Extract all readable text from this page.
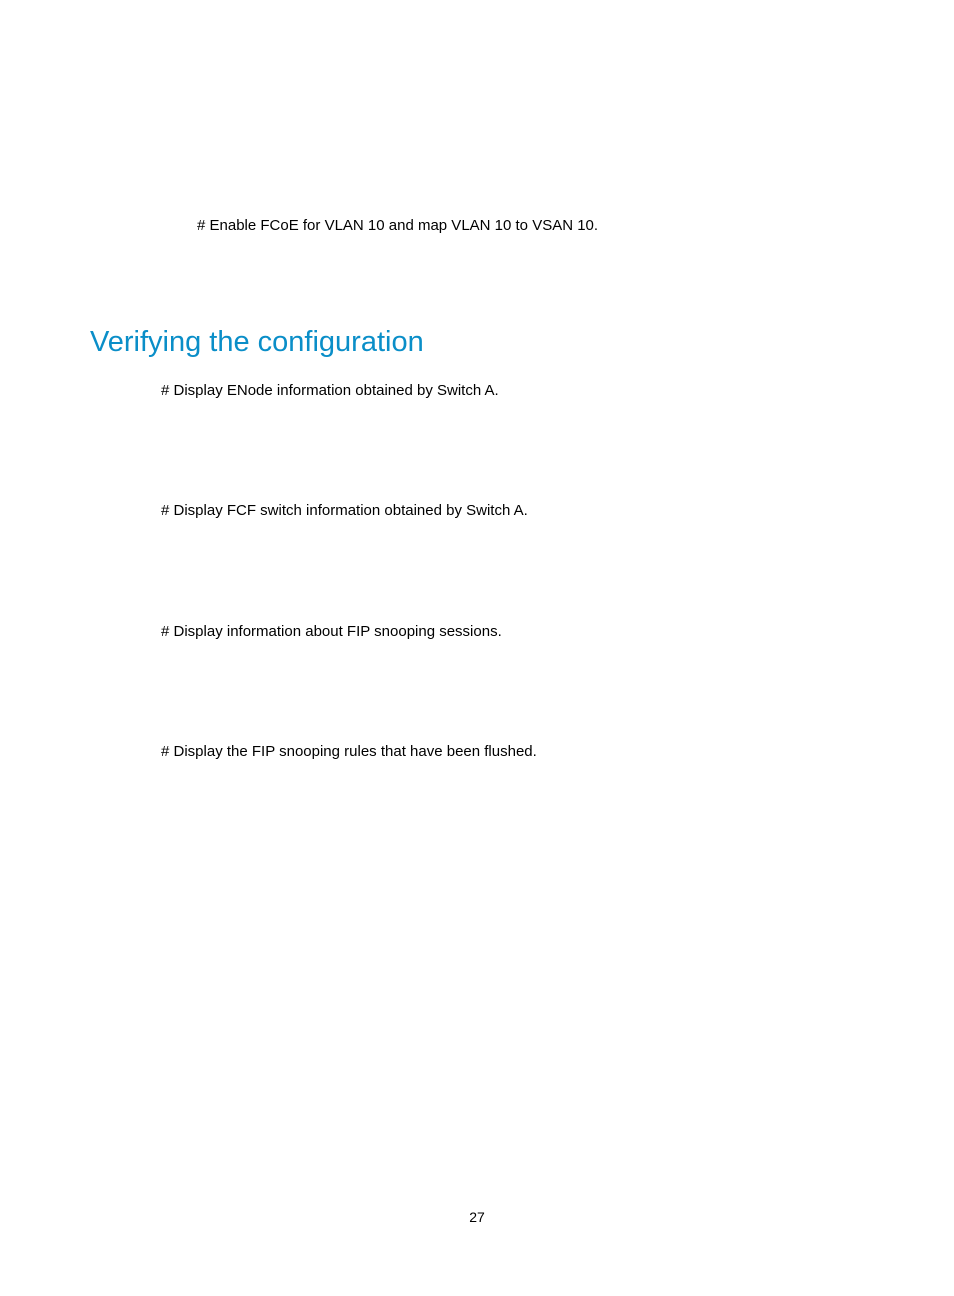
# Enable FCoE for VLAN 10 and map VLAN 10 to VSAN 10.
Verifying the configuration
# Display ENode information obtained by Switch A.
# Display FCF switch information obtained by Switch A.
# Display information about FIP snooping sessions.
# Display the FIP snooping rules that have been flushed.
27
